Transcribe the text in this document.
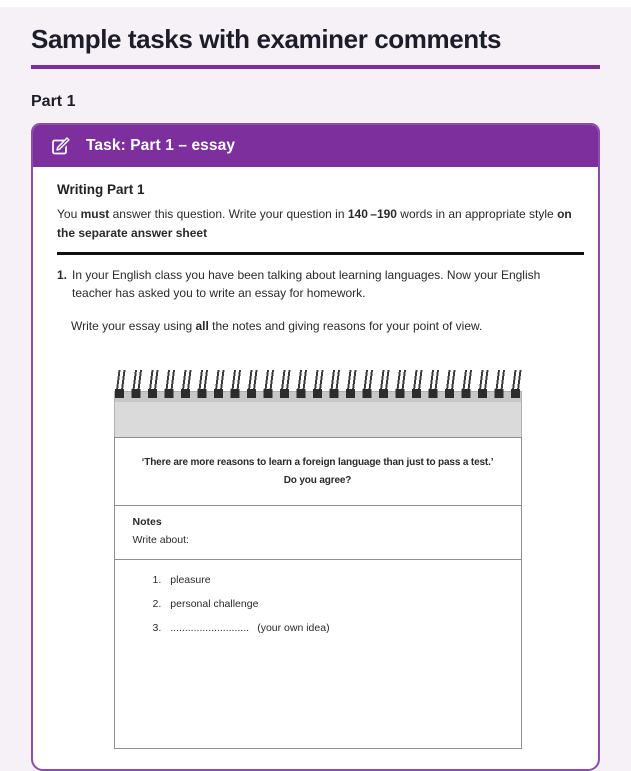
Sample tasks with examiner comments
Part 1
Task: Part 1 – essay
Writing Part 1

You must answer this question. Write your question in 140 –190 words in an appropriate style on the separate answer sheet

1. In your English class you have been talking about learning languages. Now your English teacher has asked you to write an essay for homework.

Write your essay using all the notes and giving reasons for your point of view.

‘There are more reasons to learn a foreign language than just to pass a test.’

Do you agree?

Notes

Write about:

1. pleasure
2. personal challenge
3. ...........................  (your own idea)
